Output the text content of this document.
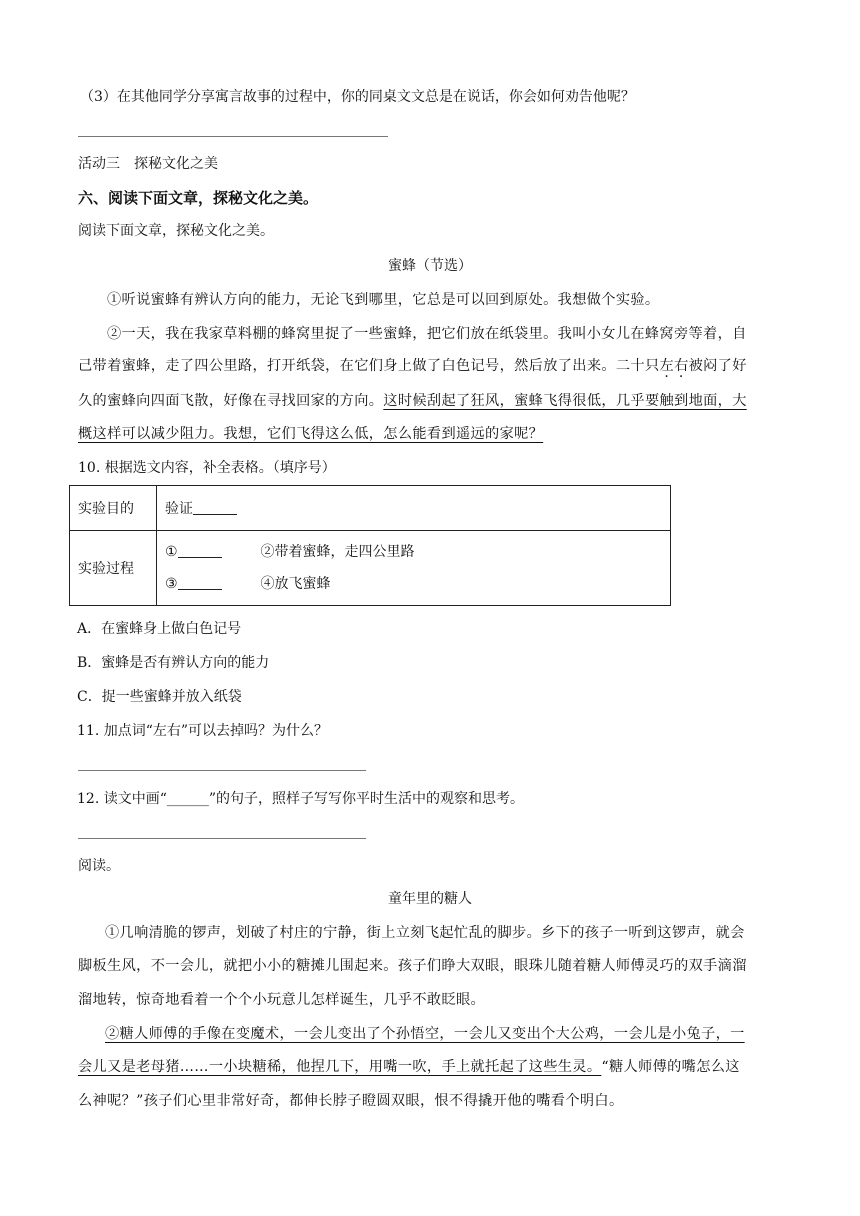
（3）在其他同学分享寓言故事的过程中，你的同桌文文总是在说话，你会如何劝告他呢？
活动三　探秘文化之美
六、阅读下面文章，探秘文化之美。
阅读下面文章，探秘文化之美。
蜜蜂（节选）
①听说蜜蜂有辨认方向的能力，无论飞到哪里，它总是可以回到原处。我想做个实验。
②一天，我在我家草料棚的蜂窝里捉了一些蜜蜂，把它们放在纸袋里。我叫小女儿在蜂窝旁等着，自
己带着蜜蜂，走了四公里路，打开纸袋，在它们身上做了白色记号，然后放了出来。二十只左右被闷了好
久的蜜蜂向四面飞散，好像在寻找回家的方向。这时候刮起了狂风，蜜蜂飞得很低，几乎要触到地面，大
概这样可以减少阻力。我想，它们飞得这么低，怎么能看到遥远的家呢？
10. 根据选文内容，补全表格。（填序号）
实验目的	验证
实验过程	① ②带着蜜蜂，走四公里路
③ ④放飞蜜蜂
A．在蜜蜂身上做白色记号
B．蜜蜂是否有辨认方向的能力
C．捉一些蜜蜂并放入纸袋
11. 加点词“左右”可以去掉吗？为什么？
12. 读文中画“______”的句子，照样子写写你平时生活中的观察和思考。
阅读。
童年里的糖人
①几响清脆的锣声，划破了村庄的宁静，街上立刻飞起忙乱的脚步。乡下的孩子一听到这锣声，就会
脚板生风，不一会儿，就把小小的糖摊儿围起来。孩子们睁大双眼，眼珠儿随着糖人师傅灵巧的双手滴溜
溜地转，惊奇地看着一个个小玩意儿怎样诞生，几乎不敢眨眼。
②糖人师傅的手像在变魔术，一会儿变出了个孙悟空，一会儿又变出个大公鸡，一会儿是小兔子，一
会儿又是老母猪……一小块糖稀，他捏几下，用嘴一吹，手上就托起了这些生灵。“糖人师傅的嘴怎么这
么神呢？”孩子们心里非常好奇，都伸长脖子瞪圆双眼，恨不得撬开他的嘴看个明白。
